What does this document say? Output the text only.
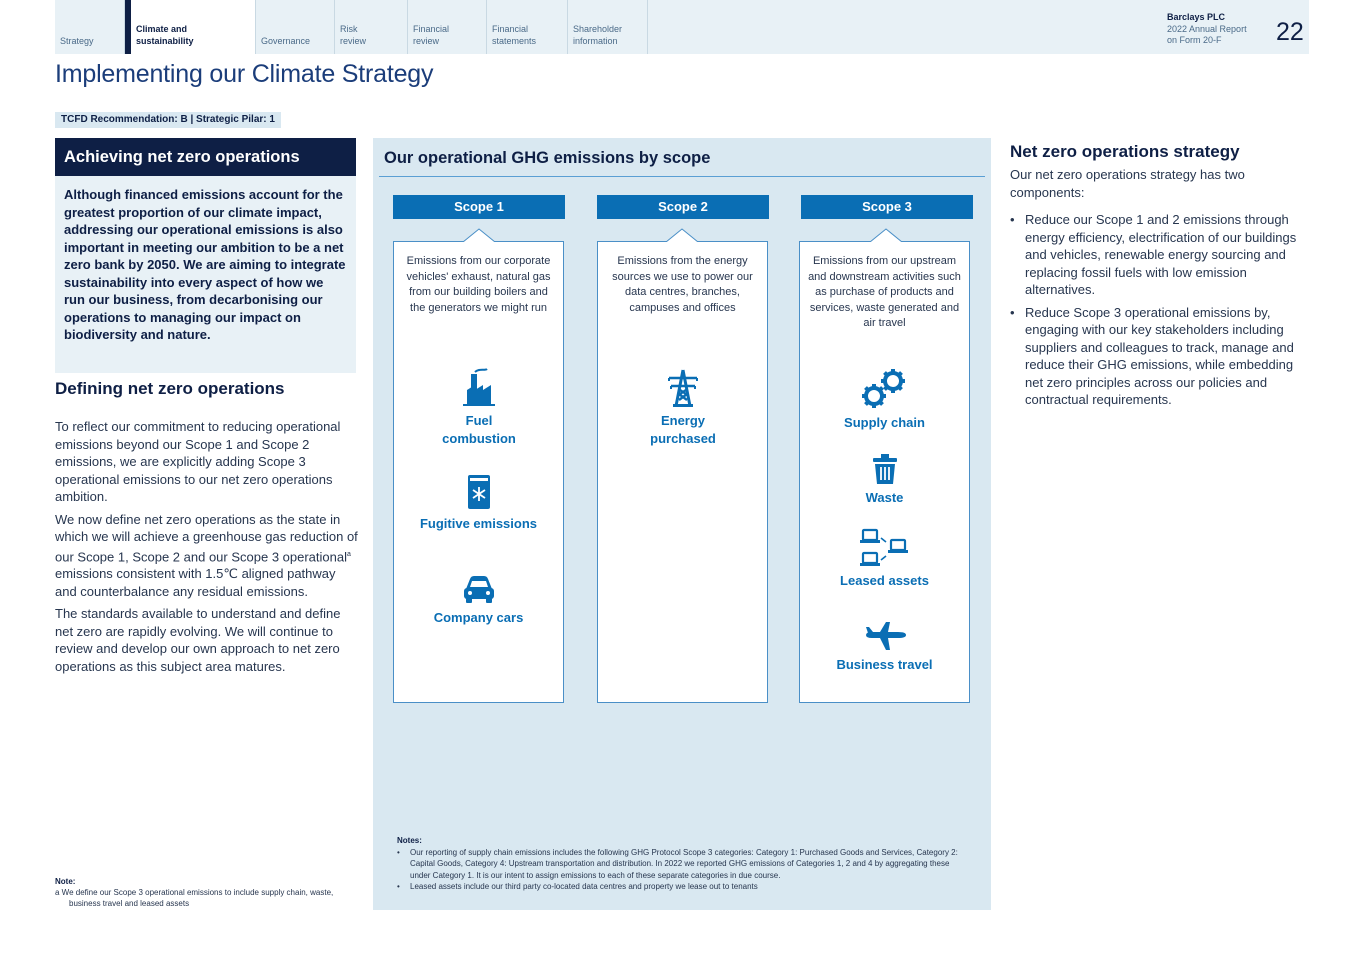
Strategy
Climate and sustainability	Governance
Risk review
Financial review
Financial statements
Shareholder information
Barclays PLC
2022 Annual Report
on Form 20-F	22
Implementing our Climate Strategy
TCFD Recommendation: B | Strategic Pilar: 1
Achieving net zero operations
Although financed emissions account for the greatest proportion of our climate impact, addressing our operational emissions is also important in meeting our ambition to be a net zero bank by 2050. We are aiming to integrate sustainability into every aspect of how we run our business, from decarbonising our operations to managing our impact on biodiversity and nature.
Defining net zero operations

To reflect our commitment to reducing operational emissions beyond our Scope 1 and Scope 2 emissions, we are explicitly adding Scope 3 operational emissions to our net zero operations ambition.

We now define net zero operations as the state in which we will achieve a greenhouse gas reduction of our Scope 1, Scope 2 and our Scope 3 operational$^a$ emissions consistent with 1.5℃ aligned pathway and counterbalance any residual emissions.

The standards available to understand and define net zero are rapidly evolving. We will continue to review and develop our own approach to net zero operations as this subject area matures.

Note:
a We define our Scope 3 operational emissions to include supply chain, waste, business travel and leased assets
Our operational GHG emissions by scope
Scope 1
Emissions from our corporate vehicles' exhaust, natural gas from our building boilers and the generators we might run
Fuel combustion
Fugitive emissions
Company cars
Scope 2
Emissions from the energy sources we use to power our data centres, branches, campuses and offices
Energy purchased
Scope 3
Emissions from our upstream and downstream activities such as purchase of products and services, waste generated and air travel
Supply chain
Waste
Leased assets
Business travel
Notes:
• Our reporting of supply chain emissions includes the following GHG Protocol Scope 3 categories: Category 1: Purchased Goods and Services, Category 2: Capital Goods, Category 4: Upstream transportation and distribution. In 2022 we reported GHG emissions of Categories 1, 2 and 4 by aggregating these under Category 1. It is our intent to assign emissions to each of these separate categories in due course.
• Leased assets include our third party co-located data centres and property we lease out to tenants
Net zero operations strategy
Our net zero operations strategy has two components:
• Reduce our Scope 1 and 2 emissions through energy efficiency, electrification of our buildings and vehicles, renewable energy sourcing and replacing fossil fuels with low emission alternatives.
• Reduce Scope 3 operational emissions by, engaging with our key stakeholders including suppliers and colleagues to track, manage and reduce their GHG emissions, while embedding net zero principles across our policies and contractual requirements.
